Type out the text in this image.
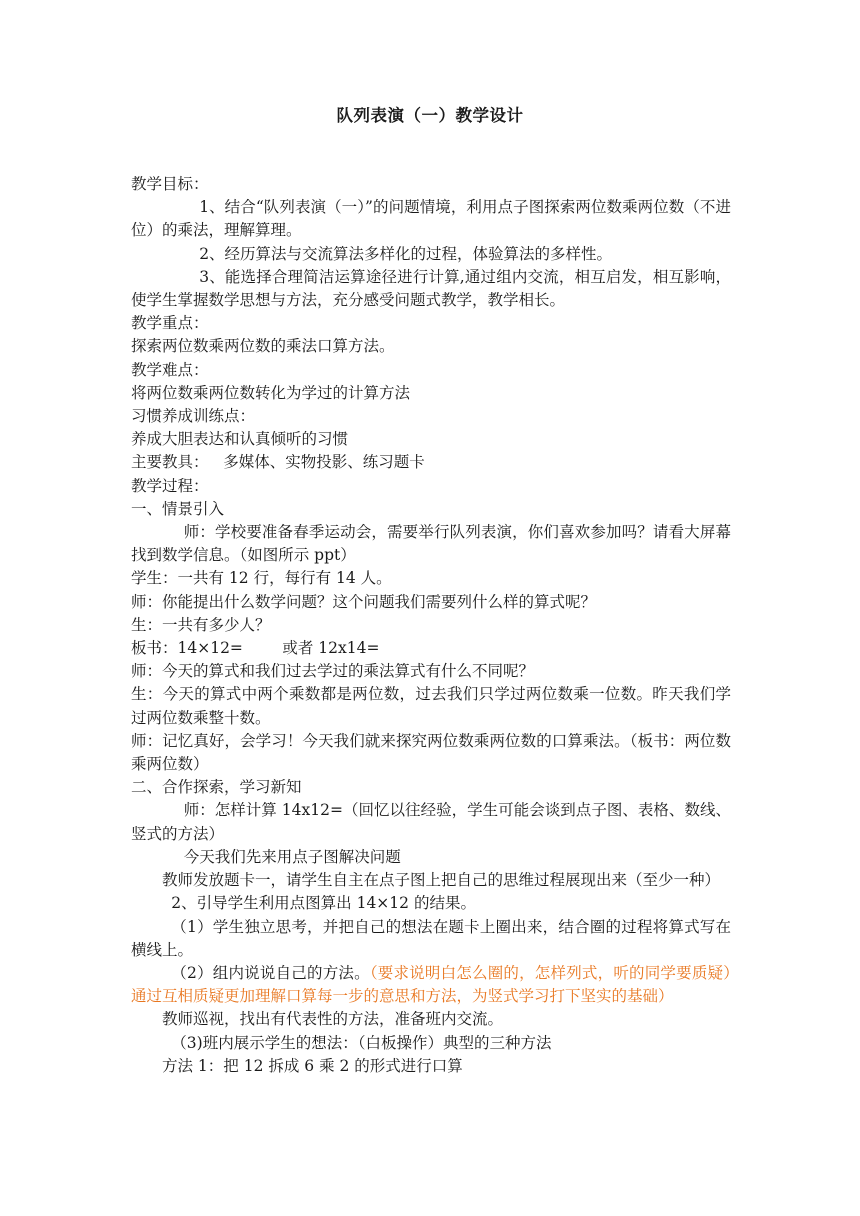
队列表演（一）教学设计

教学目标：

1、结合“队列表演（一）”的问题情境，利用点子图探索两位数乘两位数（不进位）的乘法，理解算理。

2、经历算法与交流算法多样化的过程，体验算法的多样性。

3、能选择合理简洁运算途径进行计算,通过组内交流，相互启发，相互影响，使学生掌握数学思想与方法，充分感受问题式教学，教学相长。

教学重点：

探索两位数乘两位数的乘法口算方法。

教学难点：

将两位数乘两位数转化为学过的计算方法

习惯养成训练点：

养成大胆表达和认真倾听的习惯

主要教具：   多媒体、实物投影、练习题卡

教学过程：

一、情景引入

师：学校要准备春季运动会，需要举行队列表演，你们喜欢参加吗？请看大屏幕找到数学信息。（如图所示 ppt）

学生：一共有 12 行，每行有 14 人。

师：你能提出什么数学问题？这个问题我们需要列什么样的算式呢？

生：一共有多少人？

板书：14×12=        或者 12x14=

师：今天的算式和我们过去学过的乘法算式有什么不同呢？

生：今天的算式中两个乘数都是两位数，过去我们只学过两位数乘一位数。昨天我们学过两位数乘整十数。

师：记忆真好，会学习！今天我们就来探究两位数乘两位数的口算乘法。（板书：两位数乘两位数）

二、合作探索，学习新知

师：怎样计算 14x12=（回忆以往经验，学生可能会谈到点子图、表格、数线、竖式的方法）

今天我们先来用点子图解决问题

教师发放题卡一，请学生自主在点子图上把自己的思维过程展现出来（至少一种）

2、引导学生利用点图算出 14×12 的结果。

（1）学生独立思考，并把自己的想法在题卡上圈出来，结合圈的过程将算式写在横线上。

（2）组内说说自己的方法。（要求说明白怎么圈的，怎样列式，听的同学要质疑）通过互相质疑更加理解口算每一步的意思和方法，为竖式学习打下坚实的基础）

教师巡视，找出有代表性的方法，准备班内交流。

（3)班内展示学生的想法：（白板操作）典型的三种方法

方法 1：把 12 拆成 6 乘 2 的形式进行口算
